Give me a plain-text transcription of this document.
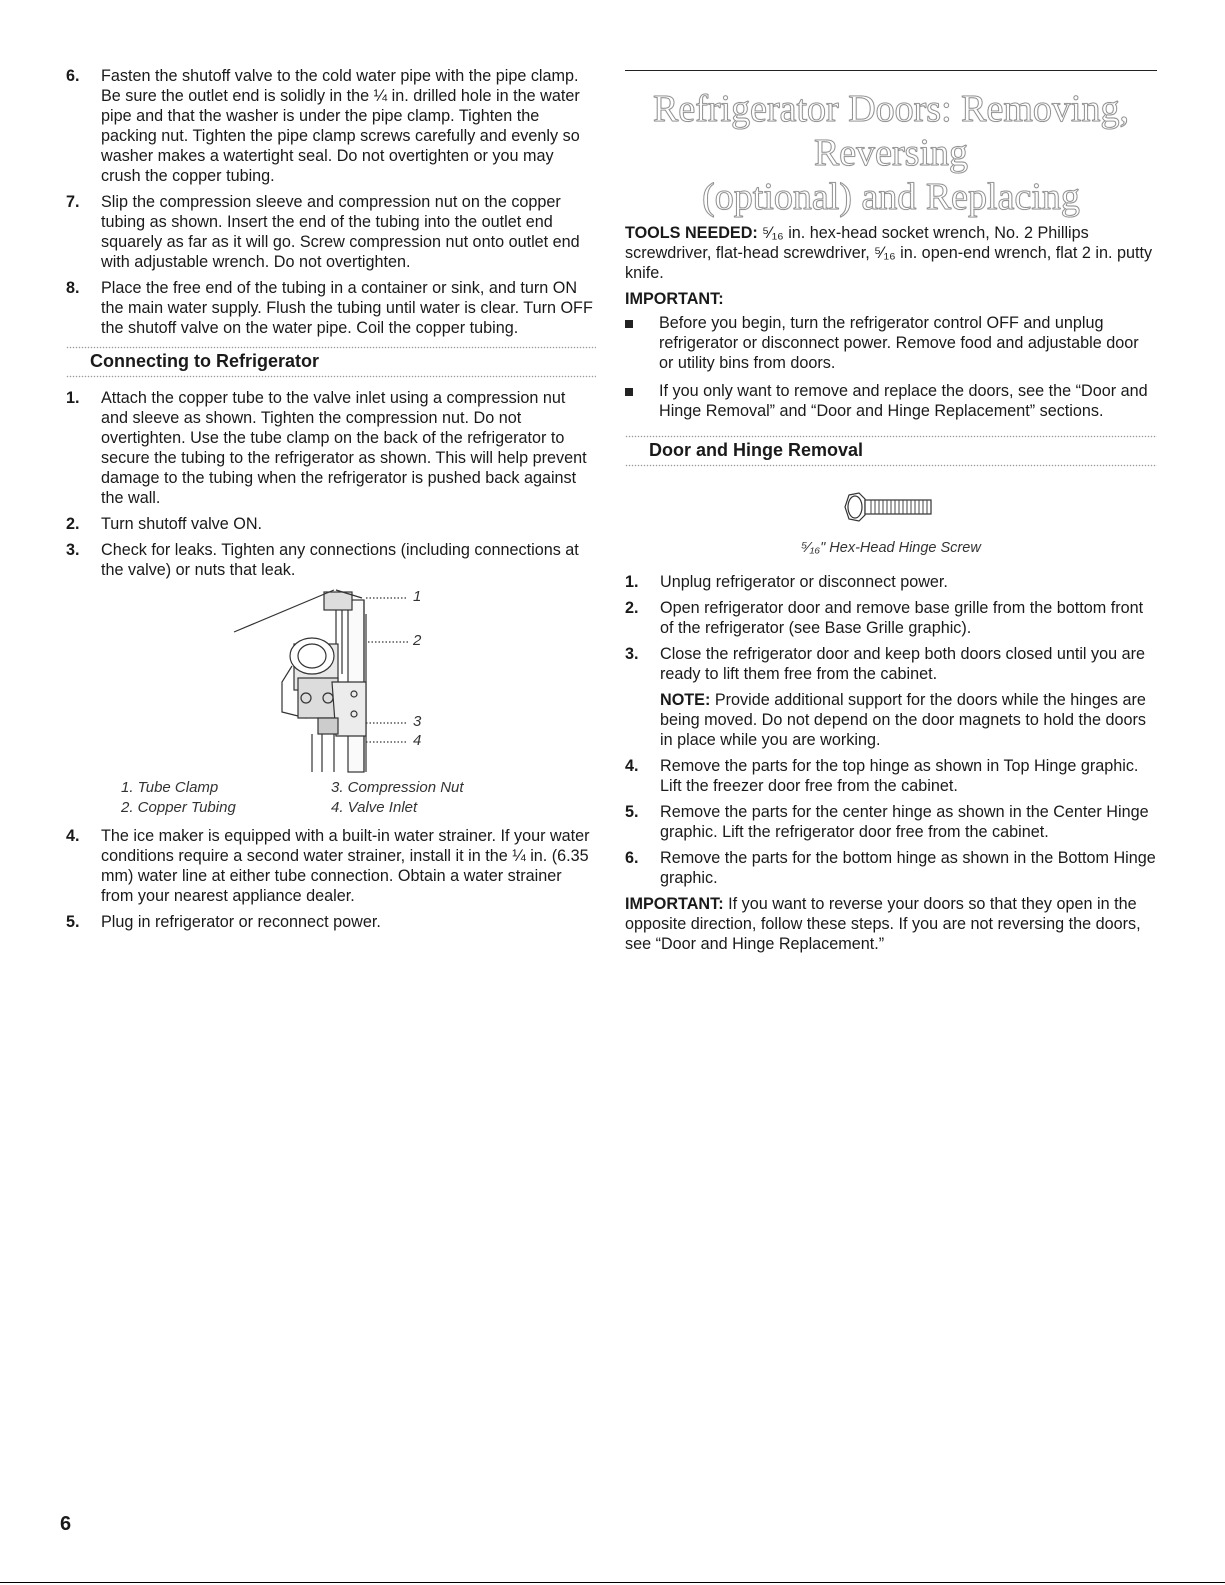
6.	Fasten the shutoff valve to the cold water pipe with the pipe clamp. Be sure the outlet end is solidly in the ¼ in. drilled hole in the water pipe and that the washer is under the pipe clamp. Tighten the packing nut. Tighten the pipe clamp screws carefully and evenly so washer makes a watertight seal. Do not overtighten or you may crush the copper tubing.
7.	Slip the compression sleeve and compression nut on the copper tubing as shown. Insert the end of the tubing into the outlet end squarely as far as it will go. Screw compression nut onto outlet end with adjustable wrench. Do not overtighten.
8.	Place the free end of the tubing in a container or sink, and turn ON the main water supply. Flush the tubing until water is clear. Turn OFF the shutoff valve on the water pipe. Coil the copper tubing.
Connecting to Refrigerator
1.	Attach the copper tube to the valve inlet using a compression nut and sleeve as shown. Tighten the compression nut. Do not overtighten. Use the tube clamp on the back of the refrigerator to secure the tubing to the refrigerator as shown. This will help prevent damage to the tubing when the refrigerator is pushed back against the wall.
2.	Turn shutoff valve ON.
3.	Check for leaks. Tighten any connections (including connections at the valve) or nuts that leak.
1
2
3
4
1. Tube Clamp
2. Copper Tubing
3. Compression Nut
4. Valve Inlet
4.	The ice maker is equipped with a built-in water strainer. If your water conditions require a second water strainer, install it in the ¼ in. (6.35 mm) water line at either tube connection. Obtain a water strainer from your nearest appliance dealer.
5.	Plug in refrigerator or reconnect power.
Refrigerator Doors: Removing, Reversing
(optional) and Replacing

TOOLS NEEDED: ⁵⁄₁₆ in. hex-head socket wrench, No. 2 Phillips screwdriver, flat-head screwdriver, ⁵⁄₁₆ in. open-end wrench, flat 2 in. putty knife.

IMPORTANT:

Before you begin, turn the refrigerator control OFF and unplug refrigerator or disconnect power. Remove food and adjustable door or utility bins from doors.
If you only want to remove and replace the doors, see the “Door and Hinge Removal” and “Door and Hinge Replacement” sections.
Door and Hinge Removal
⁵⁄₁₆" Hex-Head Hinge Screw
1.	Unplug refrigerator or disconnect power.
2.	Open refrigerator door and remove base grille from the bottom front of the refrigerator (see Base Grille graphic).
3.	Close the refrigerator door and keep both doors closed until you are ready to lift them free from the cabinet.

NOTE: Provide additional support for the doors while the hinges are being moved. Do not depend on the door magnets to hold the doors in place while you are working.

4.	Remove the parts for the top hinge as shown in Top Hinge graphic. Lift the freezer door free from the cabinet.
5.	Remove the parts for the center hinge as shown in the Center Hinge graphic. Lift the refrigerator door free from the cabinet.
6.	Remove the parts for the bottom hinge as shown in the Bottom Hinge graphic.

IMPORTANT: If you want to reverse your doors so that they open in the opposite direction, follow these steps. If you are not reversing the doors, see “Door and Hinge Replacement.”

6
